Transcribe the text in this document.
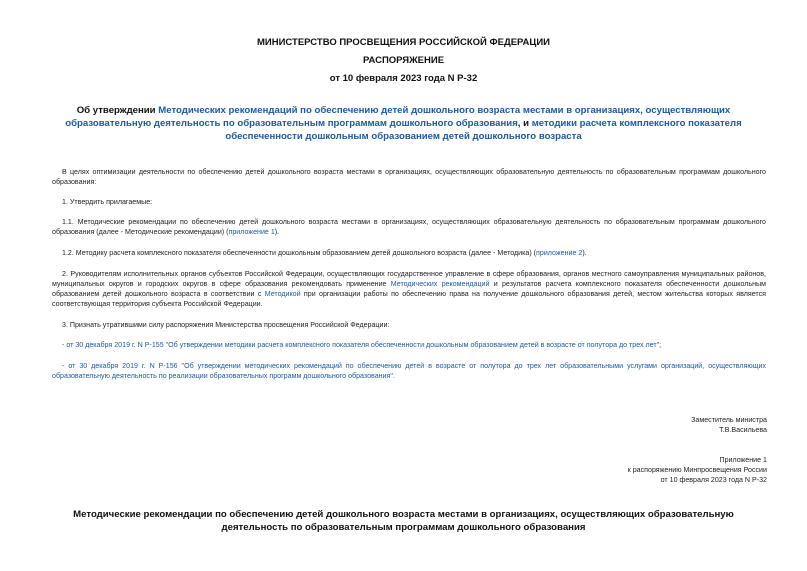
МИНИСТЕРСТВО ПРОСВЕЩЕНИЯ РОССИЙСКОЙ ФЕДЕРАЦИИ
РАСПОРЯЖЕНИЕ
от 10 февраля 2023 года N Р-32
Об утверждении Методических рекомендаций по обеспечению детей дошкольного возраста местами в организациях, осуществляющих образовательную деятельность по образовательным программам дошкольного образования, и методики расчета комплексного показателя обеспеченности дошкольным образованием детей дошкольного возраста
В целях оптимизации деятельности по обеспечению детей дошкольного возраста местами в организациях, осуществляющих образовательную деятельность по образовательным программам дошкольного образования:
1. Утвердить прилагаемые:
1.1. Методические рекомендации по обеспечению детей дошкольного возраста местами в организациях, осуществляющих образовательную деятельность по образовательным программам дошкольного образования (далее - Методические рекомендации) (приложение 1).
1.2. Методику расчета комплексного показателя обеспеченности дошкольным образованием детей дошкольного возраста (далее - Методика) (приложение 2).
2. Руководителям исполнительных органов субъектов Российской Федерации, осуществляющих государственное управление в сфере образования, органов местного самоуправления муниципальных районов, муниципальных округов и городских округов в сфере образования рекомендовать применение Методических рекомендаций и результатов расчета комплексного показателя обеспеченности дошкольным образованием детей дошкольного возраста в соответствии с Методикой при организации работы по обеспечению права на получение дошкольного образования детей, местом жительства которых является соответствующая территория субъекта Российской Федерации.
3. Признать утратившими силу распоряжения Министерства просвещения Российской Федерации:
- от 30 декабря 2019 г. N Р-155 "Об утверждении методики расчета комплексного показателя обеспеченности дошкольным образованием детей в возрасте от полутора до трех лет";
- от 30 декабря 2019 г. N Р-156 "Об утверждении методических рекомендаций по обеспечению детей в возрасте от полутора до трех лет образовательными услугами организаций, осуществляющих образовательную деятельность по реализации образовательных программ дошкольного образования".
Заместитель министра
Т.В.Васильева
Приложение 1
к распоряжению Минпросвещения России
от 10 февраля 2023 года N Р-32
Методические рекомендации по обеспечению детей дошкольного возраста местами в организациях, осуществляющих образовательную деятельность по образовательным программам дошкольного образования
